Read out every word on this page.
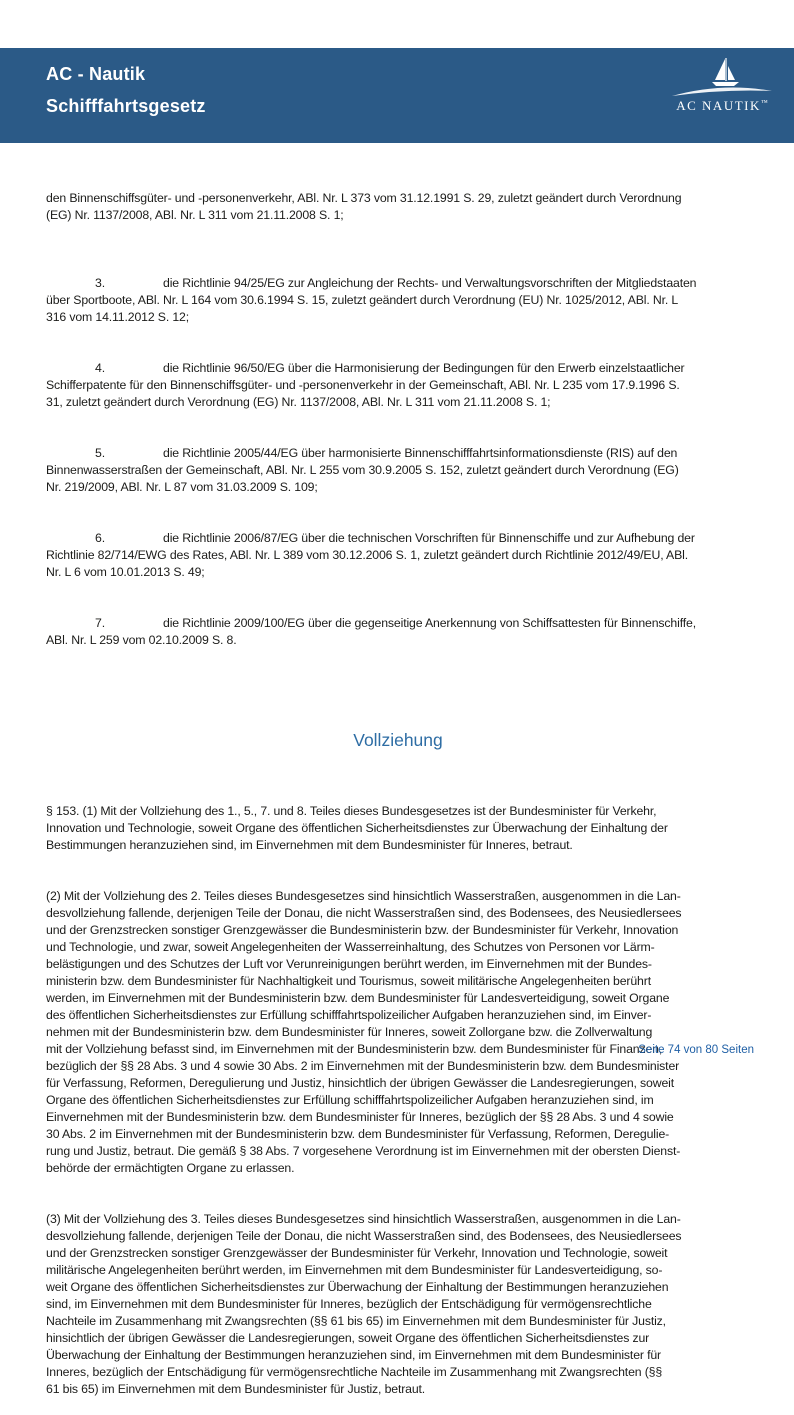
AC - Nautik
Schifffahrtsgesetz	AC NAUTIK™

den Binnenschiffsgüter- und -personenverkehr, ABl. Nr. L 373 vom 31.12.1991 S. 29, zuletzt geändert durch Verordnung
(EG) Nr. 1137/2008, ABl. Nr. L 311 vom 21.11.2008 S. 1;

3.	die Richtlinie 94/25/EG zur Angleichung der Rechts- und Verwaltungsvorschriften der Mitgliedstaaten
über Sportboote, ABl. Nr. L 164 vom 30.6.1994 S. 15, zuletzt geändert durch Verordnung (EU) Nr. 1025/2012, ABl. Nr. L
316 vom 14.11.2012 S. 12;

4.	die Richtlinie 96/50/EG über die Harmonisierung der Bedingungen für den Erwerb einzelstaatlicher
Schifferpatente für den Binnenschiffsgüter- und -personenverkehr in der Gemeinschaft, ABl. Nr. L 235 vom 17.9.1996 S.
31, zuletzt geändert durch Verordnung (EG) Nr. 1137/2008, ABl. Nr. L 311 vom 21.11.2008 S. 1;

5.	die Richtlinie 2005/44/EG über harmonisierte Binnenschifffahrtsinformationsdienste (RIS) auf den
Binnenwasserstraßen der Gemeinschaft, ABl. Nr. L 255 vom 30.9.2005 S. 152, zuletzt geändert durch Verordnung (EG)
Nr. 219/2009, ABl. Nr. L 87 vom 31.03.2009 S. 109;

6.	die Richtlinie 2006/87/EG über die technischen Vorschriften für Binnenschiffe und zur Aufhebung der
Richtlinie 82/714/EWG des Rates, ABl. Nr. L 389 vom 30.12.2006 S. 1, zuletzt geändert durch Richtlinie 2012/49/EU, ABl.
Nr. L 6 vom 10.01.2013 S. 49;

7.	die Richtlinie 2009/100/EG über die gegenseitige Anerkennung von Schiffsattesten für Binnenschiffe,
ABl. Nr. L 259 vom 02.10.2009 S. 8.

Vollziehung

§ 153. (1) Mit der Vollziehung des 1., 5., 7. und 8. Teiles dieses Bundesgesetzes ist der Bundesminister für Verkehr,
Innovation und Technologie, soweit Organe des öffentlichen Sicherheitsdienstes zur Überwachung der Einhaltung der
Bestimmungen heranzuziehen sind, im Einvernehmen mit dem Bundesminister für Inneres, betraut.

(2) Mit der Vollziehung des 2. Teiles dieses Bundesgesetzes sind hinsichtlich Wasserstraßen, ausgenommen in die Lan-
desvollziehung fallende, derjenigen Teile der Donau, die nicht Wasserstraßen sind, des Bodensees, des Neusiedlersees
und der Grenzstrecken sonstiger Grenzgewässer die Bundesministerin bzw. der Bundesminister für Verkehr, Innovation
und Technologie, und zwar, soweit Angelegenheiten der Wasserreinhaltung, des Schutzes von Personen vor Lärm-
belästigungen und des Schutzes der Luft vor Verunreinigungen berührt werden, im Einvernehmen mit der Bundes-
ministerin bzw. dem Bundesminister für Nachhaltigkeit und Tourismus, soweit militärische Angelegenheiten berührt
werden, im Einvernehmen mit der Bundesministerin bzw. dem Bundesminister für Landesverteidigung, soweit Organe
des öffentlichen Sicherheitsdienstes zur Erfüllung schifffahrtspolizeilicher Aufgaben heranzuziehen sind, im Einver-
nehmen mit der Bundesministerin bzw. dem Bundesminister für Inneres, soweit Zollorgane bzw. die Zollverwaltung
mit der Vollziehung befasst sind, im Einvernehmen mit der Bundesministerin bzw. dem Bundesminister für Finanzen,
bezüglich der §§ 28 Abs. 3 und 4 sowie 30 Abs. 2 im Einvernehmen mit der Bundesministerin bzw. dem Bundesminister
für Verfassung, Reformen, Deregulierung und Justiz, hinsichtlich der übrigen Gewässer die Landesregierungen, soweit
Organe des öffentlichen Sicherheitsdienstes zur Erfüllung schifffahrtspolizeilicher Aufgaben heranzuziehen sind, im
Einvernehmen mit der Bundesministerin bzw. dem Bundesminister für Inneres, bezüglich der §§ 28 Abs. 3 und 4 sowie
30 Abs. 2 im Einvernehmen mit der Bundesministerin bzw. dem Bundesminister für Verfassung, Reformen, Deregulie-
rung und Justiz, betraut. Die gemäß § 38 Abs. 7 vorgesehene Verordnung ist im Einvernehmen mit der obersten Dienst-
behörde der ermächtigten Organe zu erlassen.

(3) Mit der Vollziehung des 3. Teiles dieses Bundesgesetzes sind hinsichtlich Wasserstraßen, ausgenommen in die Lan-
desvollziehung fallende, derjenigen Teile der Donau, die nicht Wasserstraßen sind, des Bodensees, des Neusiedlersees
und der Grenzstrecken sonstiger Grenzgewässer der Bundesminister für Verkehr, Innovation und Technologie, soweit
militärische Angelegenheiten berührt werden, im Einvernehmen mit dem Bundesminister für Landesverteidigung, so-
weit Organe des öffentlichen Sicherheitsdienstes zur Überwachung der Einhaltung der Bestimmungen heranzuziehen
sind, im Einvernehmen mit dem Bundesminister für Inneres, bezüglich der Entschädigung für vermögensrechtliche
Nachteile im Zusammenhang mit Zwangsrechten (§§ 61 bis 65) im Einvernehmen mit dem Bundesminister für Justiz,
hinsichtlich der übrigen Gewässer die Landesregierungen, soweit Organe des öffentlichen Sicherheitsdienstes zur
Überwachung der Einhaltung der Bestimmungen heranzuziehen sind, im Einvernehmen mit dem Bundesminister für
Inneres, bezüglich der Entschädigung für vermögensrechtliche Nachteile im Zusammenhang mit Zwangsrechten (§§
61 bis 65) im Einvernehmen mit dem Bundesminister für Justiz, betraut.

Seite 74 von 80 Seiten
